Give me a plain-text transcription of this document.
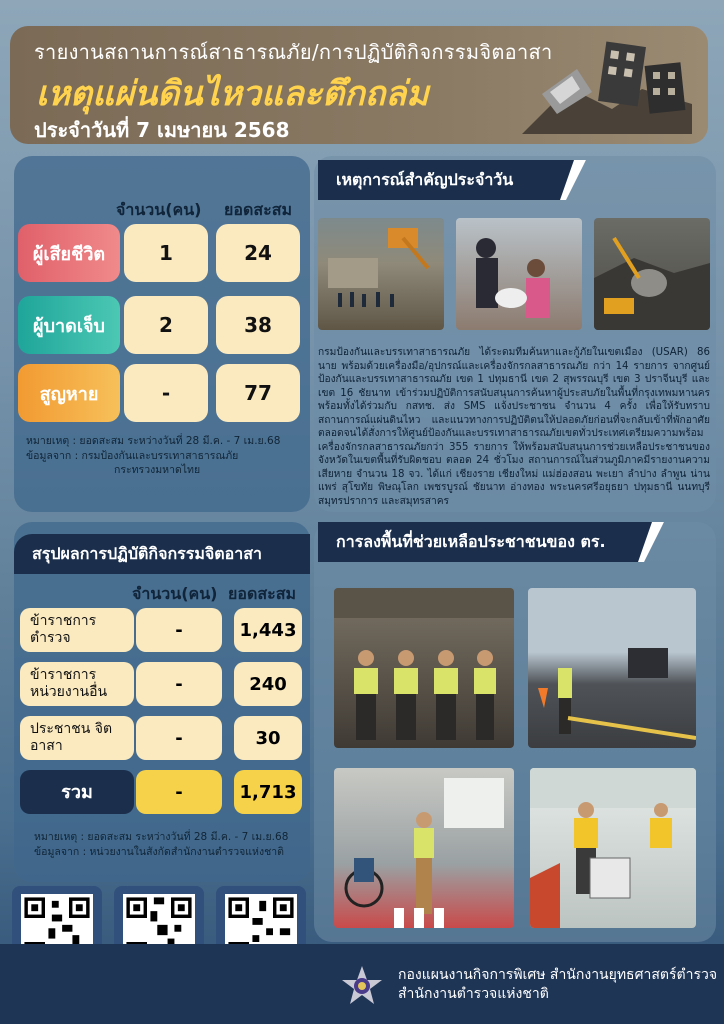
รายงานสถานการณ์สาธารณภัย/การปฏิบัติกิจกรรมจิตอาสา
เหตุแผ่นดินไหวและตึกถล่ม
ประจำวันที่ 7 เมษายน 2568
จำนวน(คน) ยอดสะสม
ผู้เสียชีวิต	1	24
ผู้บาดเจ็บ	2	38
สูญหาย	-	77
หมายเหตุ : ยอดสะสม ระหว่างวันที่ 28 มี.ค. - 7 เม.ย.68
ข้อมูลจาก : กรมป้องกันและบรรเทาสาธารณภัย
กระทรวงมหาดไทย
เหตุการณ์สำคัญประจำวัน
กรมป้องกันและบรรเทาสาธารณภัย ได้ระดมทีมค้นหาและกู้ภัยในเขตเมือง (USAR) 86 นาย พร้อมด้วยเครื่องมือ/อุปกรณ์และเครื่องจักรกลสาธารณภัย กว่า 14 รายการ จากศูนย์ป้องกันและบรรเทาสาธารณภัย เขต 1 ปทุมธานี เขต 2 สุพรรณบุรี เขต 3 ปราจีนบุรี และเขต 16 ชัยนาท เข้าร่วมปฏิบัติการสนับสนุนการค้นหาผู้ประสบภัยในพื้นที่กรุงเทพมหานคร พร้อมทั้งได้ร่วมกับ กสทช. ส่ง SMS แจ้งประชาชน จำนวน 4 ครั้ง เพื่อให้รับทราบสถานการณ์แผ่นดินไหว และแนวทางการปฏิบัติตนให้ปลอดภัยก่อนที่จะกลับเข้าที่พักอาศัยตลอดจนได้สั่งการให้ศูนย์ป้องกันและบรรเทาสาธารณภัยเขตทั่วประเทศเตรียมความพร้อมเครื่องจักรกลสาธารณภัยกว่า 355 รายการ ให้พร้อมสนับสนุนการช่วยเหลือประชาชนของจังหวัดในเขตพื้นที่รับผิดชอบ ตลอด 24 ชั่วโมง สถานการณ์ในส่วนภูมิภาคมีรายงานความเสียหาย จำนวน 18 จว. ได้แก่ เชียงราย เชียงใหม่ แม่ฮ่องสอน พะเยา ลำปาง ลำพูน น่าน แพร่ สุโขทัย พิษณุโลก เพชรบูรณ์ ชัยนาท อ่างทอง พระนครศรีอยุธยา ปทุมธานี นนทบุรี สมุทรปราการ และสมุทรสาคร
สรุปผลการปฏิบัติกิจกรรมจิตอาสา
จำนวน(คน) ยอดสะสม
ข้าราชการตำรวจ	-	1,443
ข้าราชการ หน่วยงานอื่น	-	240
ประชาชน จิตอาสา	-	30
รวม	-	1,713
หมายเหตุ : ยอดสะสม ระหว่างวันที่ 28 มี.ค. - 7 เม.ย.68
ข้อมูลจาก : หน่วยงานในสังกัดสำนักงานตำรวจแห่งชาติ
การลงพื้นที่ช่วยเหลือประชาชนของ ตร.
กองแผนงานกิจการพิเศษ สำนักงานยุทธศาสตร์ตำรวจ
สำนักงานตำรวจแห่งชาติ
